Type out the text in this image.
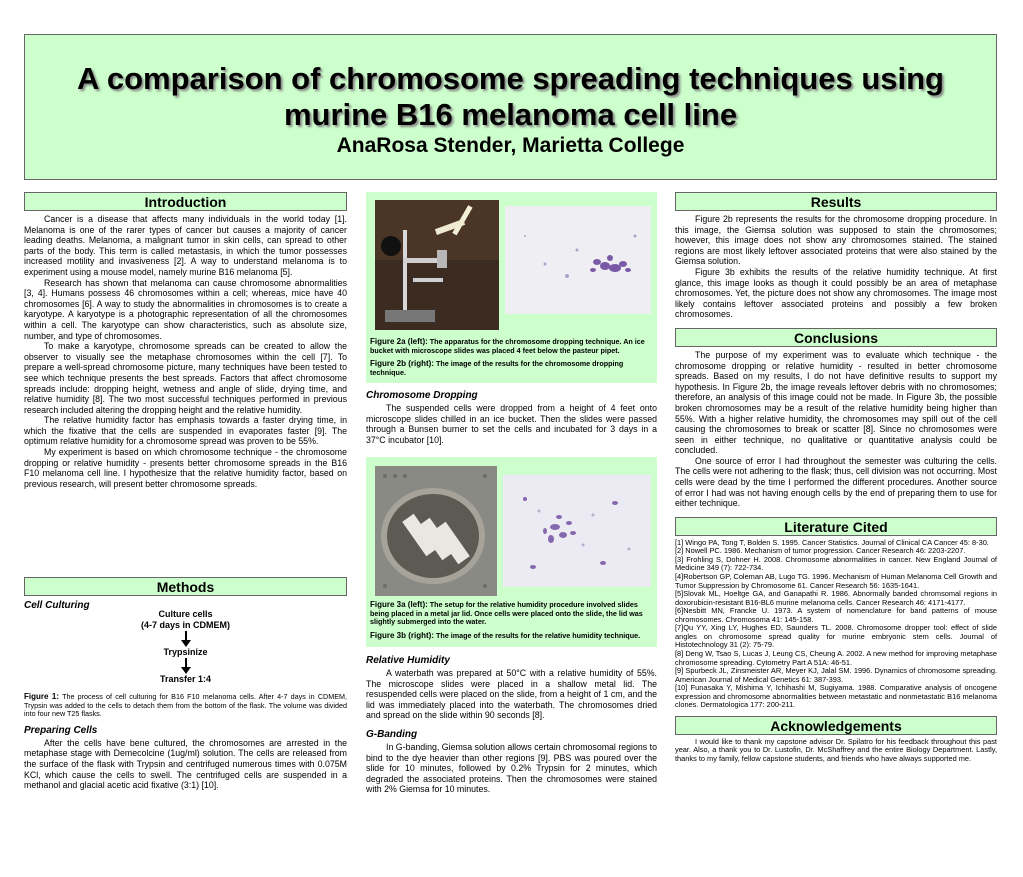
A comparison of chromosome spreading techniques using murine B16 melanoma cell line

AnaRosa Stender, Marietta College

Introduction

Cancer is a disease that affects many individuals in the world today [1]. Melanoma is one of the rarer types of cancer but causes a majority of cancer leading deaths. Melanoma, a malignant tumor in skin cells, can spread to other parts of the body. This term is called metastasis, in which the tumor possesses increased motility and invasiveness [2]. A way to understand melanoma is to experiment using a mouse model, namely murine B16 melanoma [5].

Research has shown that melanoma can cause chromosome abnormalities [3, 4]. Humans possess 46 chromosomes within a cell; whereas, mice have 40 chromosomes [6]. A way to study the abnormalities in chromosomes is to create a karyotype. A karyotype is a photographic representation of all the chromosomes within a cell. The karyotype can show characteristics, such as absolute size, number, and type of chromosomes.

To make a karyotype, chromosome spreads can be created to allow the observer to visually see the metaphase chromosomes within the cell [7]. To prepare a well-spread chromosome picture, many techniques have been tested to see which technique presents the best spreads. Factors that affect chromosome spreads include: dropping height, wetness and angle of slide, drying time, and relative humidity [8]. The two most successful techniques performed in previous research included altering the dropping height and the relative humidity.

The relative humidity factor has emphasis towards a faster drying time, in which the fixative that the cells are suspended in evaporates faster [9]. The optimum relative humidity for a chromosome spread was proven to be 55%.

My experiment is based on which chromosome technique - the chromosome dropping or relative humidity - presents better chromosome spreads in the B16 F10 melanoma cell line. I hypothesize that the relative humidity factor, based on previous research, will present better chromosome spreads.

Methods
Cell Culturing
Culture cells
(4-7 days in CDMEM)
Trypsinize
Transfer 1:4
Figure 1: The process of cell culturing for B16 F10 melanoma cells. After 4-7 days in CDMEM, Trypsin was added to the cells to detach them from the bottom of the flask. The volume was divided into four new T25 flasks.
Preparing Cells

After the cells have bene cultured, the chromosomes are arrested in the metaphase stage with Demecolcine (1ug/ml) solution. The cells are released from the surface of the flask with Trypsin and centrifuged numerous times with 0.075M KCl, which cause the cells to swell. The centrifuged cells are suspended in a methanol and glacial acetic acid fixative (3:1) [10].

Figure 2a (left): The apparatus for the chromosome dropping technique. An ice bucket with microscope slides was placed 4 feet below the pasteur pipet.
Figure 2b (right): The image of the results for the chromosome dropping technique.
Chromosome Dropping

The suspended cells were dropped from a height of 4 feet onto microscope slides chilled in an ice bucket. Then the slides were passed through a Bunsen burner to set the cells and incubated for 3 days in a 37°C incubator [10].

Figure 3a (left): The setup for the relative humidity procedure involved slides being placed in a metal jar lid. Once cells were placed onto the slide, the lid was slightly submerged into the water.
Figure 3b (right): The image of the results for the relative humidity technique.
Relative Humidity

A waterbath was prepared at 50°C with a relative humidity of 55%. The microscope slides were placed in a shallow metal lid. The resuspended cells were placed on the slide, from a height of 1 cm, and the lid was immediately placed into the waterbath. The chromosomes dried and spread on the slide within 90 seconds [8].

G-Banding

In G-banding, Giemsa solution allows certain chromosomal regions to bind to the dye heavier than other regions [9]. PBS was poured over the slide for 10 minutes, followed by 0.2% Trypsin for 2 minutes, which degraded the associated proteins. Then the chromosomes were stained with 2% Giemsa for 10 minutes.

Results

Figure 2b represents the results for the chromosome dropping procedure. In this image, the Giemsa solution was supposed to stain the chromosomes; however, this image does not show any chromosomes stained. The stained regions are most likely leftover associated proteins that were also stained by the Giemsa solution.

Figure 3b exhibits the results of the relative humidity technique. At first glance, this image looks as though it could possibly be an area of metaphase chromosomes. Yet, the picture does not show any chromosomes. The image most likely contains leftover associated proteins and possibly a few broken chromosomes.

Conclusions

The purpose of my experiment was to evaluate which technique - the chromosome dropping or relative humidity - resulted in better chromosome spreads. Based on my results, I do not have definitive results to support my hypothesis. In Figure 2b, the image reveals leftover debris with no chromosomes; therefore, an analysis of this image could not be made. In Figure 3b, the possible broken chromosomes may be a result of the relative humidity being higher than 55%. With a higher relative humidity, the chromosomes may spill out of the cell causing the chromosomes to break or scatter [8]. Since no chromosomes were seen in either technique, no qualitative or quantitative analysis could be concluded.

One source of error I had throughout the semester was culturing the cells. The cells were not adhering to the flask; thus, cell division was not occurring. Most cells were dead by the time I performed the different procedures. Another source of error I had was not having enough cells by the end of preparing them to use for either technique.

Literature Cited
[1] Wingo PA, Tong T, Bolden S. 1995. Cancer Statistics. Journal of Clinical CA Cancer 45: 8-30.
[2] Nowell PC. 1986. Mechanism of tumor progression. Cancer Research 46: 2203-2207.
[3] Frohling S, Dohner H. 2008. Chromosome abnormalities in cancer. New England Journal of Medicine 349 (7): 722-734.
[4]Robertson GP, Coleman AB, Lugo TG. 1996. Mechanism of Human Melanoma Cell Growth and Tumor Suppression by Chromosome 61. Cancer Research 56: 1635-1641.
[5]Slovak ML, Hoeltge GA, and Ganapathi R. 1986. Abnormally banded chromsomal regions in doxorubicin-resistant B16-BL6 murine melanoma cells. Cancer Research 46: 4171-4177.
[6]Nesbitt MN, Francke U. 1973. A system of nomenclature for band patterns of mouse chromosomes. Chromosoma 41: 145-158.
[7]Qu YY, Xing LY, Hughes ED, Saunders TL. 2008. Chromosome dropper tool: effect of slide angles on chromosome spread quality for murine embryonic stem cells. Journal of Histotechnology 31 (2): 75-79.
[8] Deng W, Tsao S, Lucas J, Leung CS, Cheung A. 2002. A new method for improving metaphase chromosome spreading. Cytometry Part A 51A: 46-51.
[9] Spurbeck JL, Zinsmeister AR, Meyer KJ, Jalal SM. 1996. Dynamics of chromosome spreading. American Journal of Medical Genetics 61: 387-393.
[10] Funasaka Y, Mishima Y, Ichihashi M, Sugiyama. 1988. Comparative analysis of oncogene expression and chromosome abnormalities between metastatic and nonmetastatic B16 melanoma clones. Dermatologica 177: 200-211.
Acknowledgements
I would like to thank my capstone advisor Dr. Spilatro for his feedback throughout this past year. Also, a thank you to Dr. Lustofin, Dr. McShaffrey and the entire Biology Department. Lastly, thanks to my family, fellow capstone students, and friends who have always supported me.
